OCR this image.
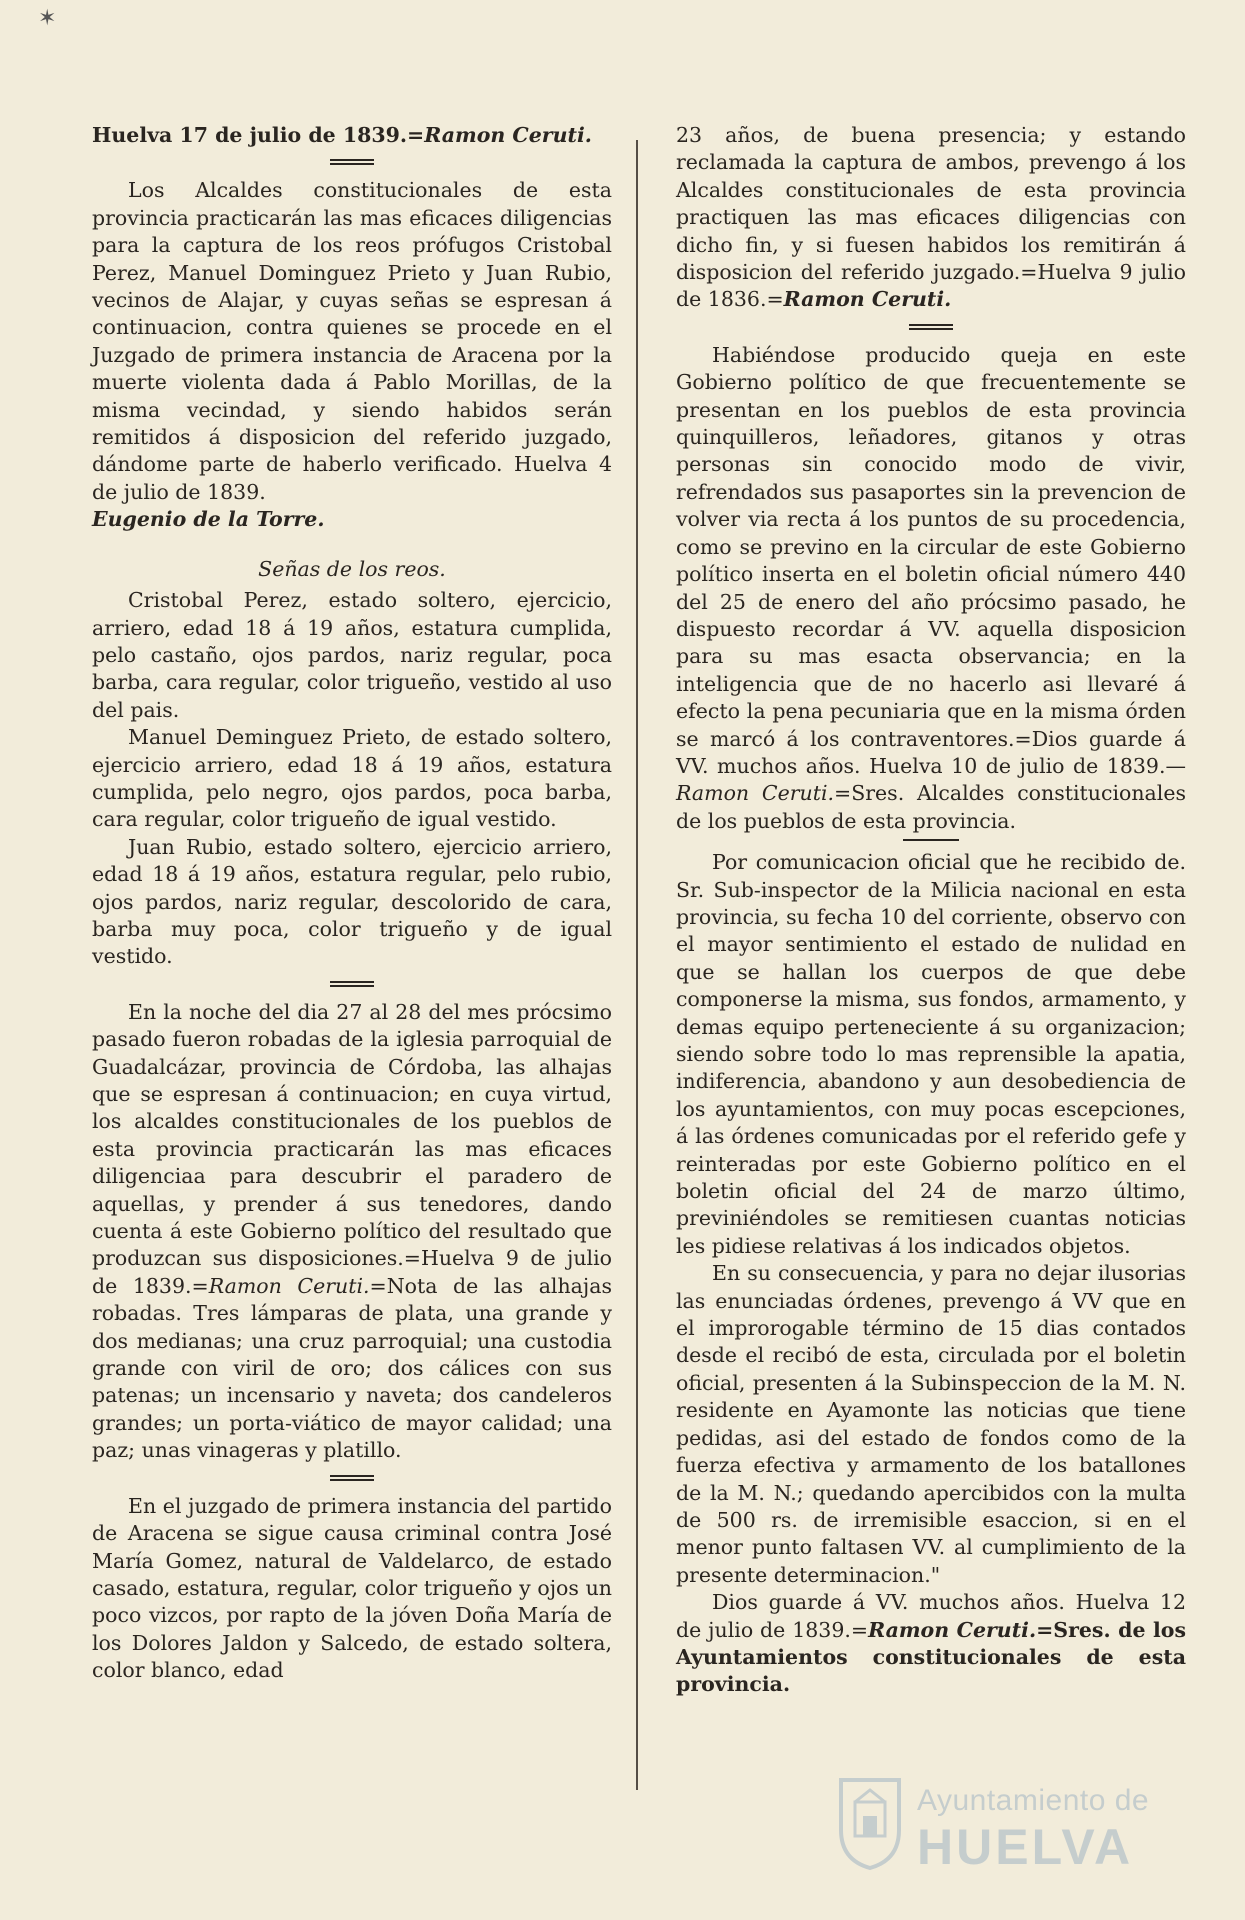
✶

Huelva 17 de julio de 1839.=Ramon Ceruti.

Los Alcaldes constitucionales de esta provincia practicarán las mas eficaces diligencias para la captura de los reos prófugos Cristobal Perez, Manuel Dominguez Prieto y Juan Rubio, vecinos de Alajar, y cuyas señas se espresan á continuacion, contra quienes se procede en el Juzgado de primera instancia de Aracena por la muerte violenta dada á Pablo Morillas, de la misma vecindad, y siendo habidos serán remitidos á disposicion del referido juzgado, dándome parte de haberlo verificado. Huelva 4 de julio de 1839.
Eugenio de la Torre.

Señas de los reos.

Cristobal Perez, estado soltero, ejercicio, arriero, edad 18 á 19 años, estatura cumplida, pelo castaño, ojos pardos, nariz regular, poca barba, cara regular, color trigueño, vestido al uso del pais.

Manuel Deminguez Prieto, de estado soltero, ejercicio arriero, edad 18 á 19 años, estatura cumplida, pelo negro, ojos pardos, poca barba, cara regular, color trigueño de igual vestido.

Juan Rubio, estado soltero, ejercicio arriero, edad 18 á 19 años, estatura regular, pelo rubio, ojos pardos, nariz regular, descolorido de cara, barba muy poca, color trigueño y de igual vestido.

En la noche del dia 27 al 28 del mes prócsimo pasado fueron robadas de la iglesia parroquial de Guadalcázar, provincia de Córdoba, las alhajas que se espresan á continuacion; en cuya virtud, los alcaldes constitucionales de los pueblos de esta provincia practicarán las mas eficaces diligenciaa para descubrir el paradero de aquellas, y prender á sus tenedores, dando cuenta á este Gobierno político del resultado que produzcan sus disposiciones.=Huelva 9 de julio de 1839.=Ramon Ceruti.=Nota de las alhajas robadas. Tres lámparas de plata, una grande y dos medianas; una cruz parroquial; una custodia grande con viril de oro; dos cálices con sus patenas; un incensario y naveta; dos candeleros grandes; un porta-viático de mayor calidad; una paz; unas vinageras y platillo.

En el juzgado de primera instancia del partido de Aracena se sigue causa criminal contra José María Gomez, natural de Valdelarco, de estado casado, estatura, regular, color trigueño y ojos un poco vizcos, por rapto de la jóven Doña María de los Dolores Jaldon y Salcedo, de estado soltera, color blanco, edad

23 años, de buena presencia; y estando reclamada la captura de ambos, prevengo á los Alcaldes constitucionales de esta provincia practiquen las mas eficaces diligencias con dicho fin, y si fuesen habidos los remitirán á disposicion del referido juzgado.=Huelva 9 julio de 1836.=Ramon Ceruti.

Habiéndose producido queja en este Gobierno político de que frecuentemente se presentan en los pueblos de esta provincia quinquilleros, leñadores, gitanos y otras personas sin conocido modo de vivir, refrendados sus pasaportes sin la prevencion de volver via recta á los puntos de su procedencia, como se previno en la circular de este Gobierno político inserta en el boletin oficial número 440 del 25 de enero del año prócsimo pasado, he dispuesto recordar á VV. aquella disposicion para su mas esacta observancia; en la inteligencia que de no hacerlo asi llevaré á efecto la pena pecuniaria que en la misma órden se marcó á los contraventores.=Dios guarde á VV. muchos años. Huelva 10 de julio de 1839.—Ramon Ceruti.=Sres. Alcaldes constitucionales de los pueblos de esta provincia.

Por comunicacion oficial que he recibido de. Sr. Sub-inspector de la Milicia nacional en esta provincia, su fecha 10 del corriente, observo con el mayor sentimiento el estado de nulidad en que se hallan los cuerpos de que debe componerse la misma, sus fondos, armamento, y demas equipo perteneciente á su organizacion; siendo sobre todo lo mas reprensible la apatia, indiferencia, abandono y aun desobediencia de los ayuntamientos, con muy pocas escepciones, á las órdenes comunicadas por el referido gefe y reinteradas por este Gobierno político en el boletin oficial del 24 de marzo último, previniéndoles se remitiesen cuantas noticias les pidiese relativas á los indicados objetos.

En su consecuencia, y para no dejar ilusorias las enunciadas órdenes, prevengo á VV que en el improrogable término de 15 dias contados desde el recibó de esta, circulada por el boletin oficial, presenten á la Subinspeccion de la M. N. residente en Ayamonte las noticias que tiene pedidas, asi del estado de fondos como de la fuerza efectiva y armamento de los batallones de la M. N.; quedando apercibidos con la multa de 500 rs. de irremisible esaccion, si en el menor punto faltasen VV. al cumplimiento de la presente determinacion."

Dios guarde á VV. muchos años. Huelva 12 de julio de 1839.=Ramon Ceruti.=Sres. de los Ayuntamientos constitucionales de esta provincia.

Ayuntamiento de
HUELVA
